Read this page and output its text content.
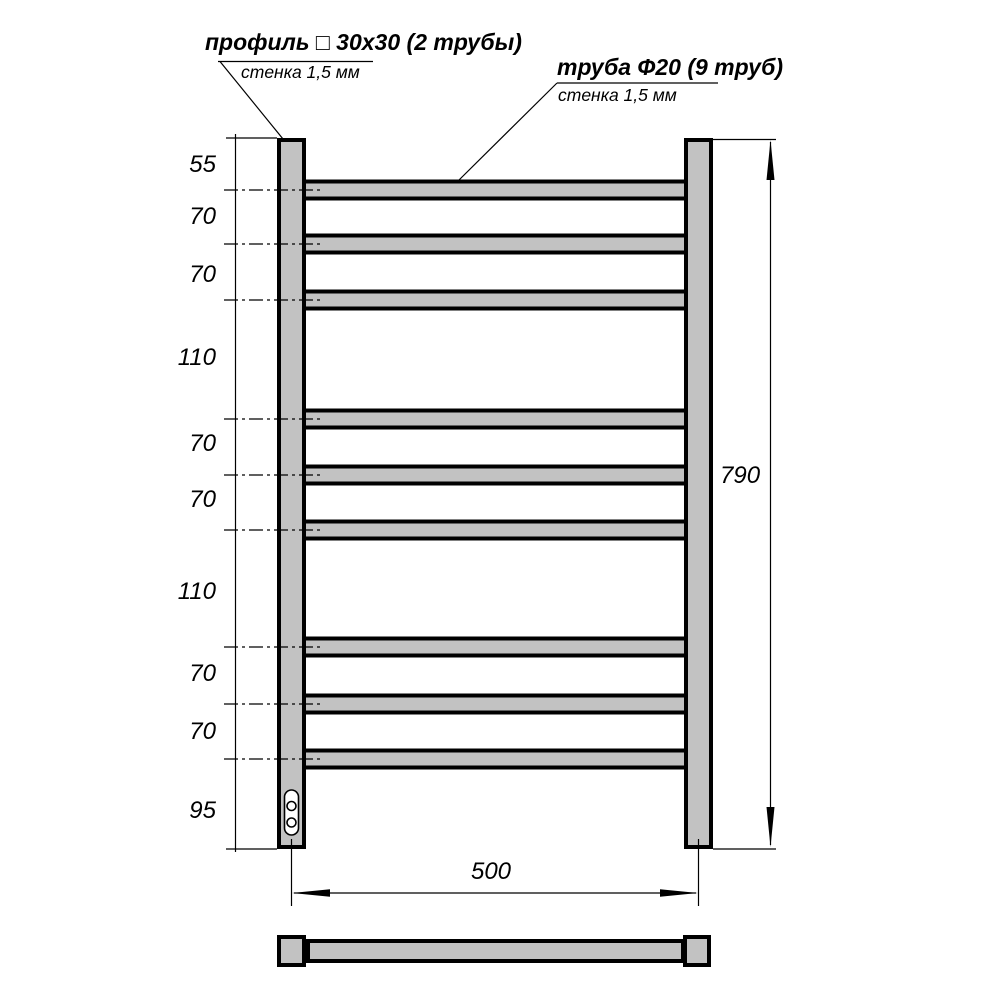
55
70
70
110
70
70
110
70
70
95
790
500
профиль □ 30х30 (2 трубы)
стенка 1,5 мм	труба Ф20 (9 труб)
стенка 1,5 мм
